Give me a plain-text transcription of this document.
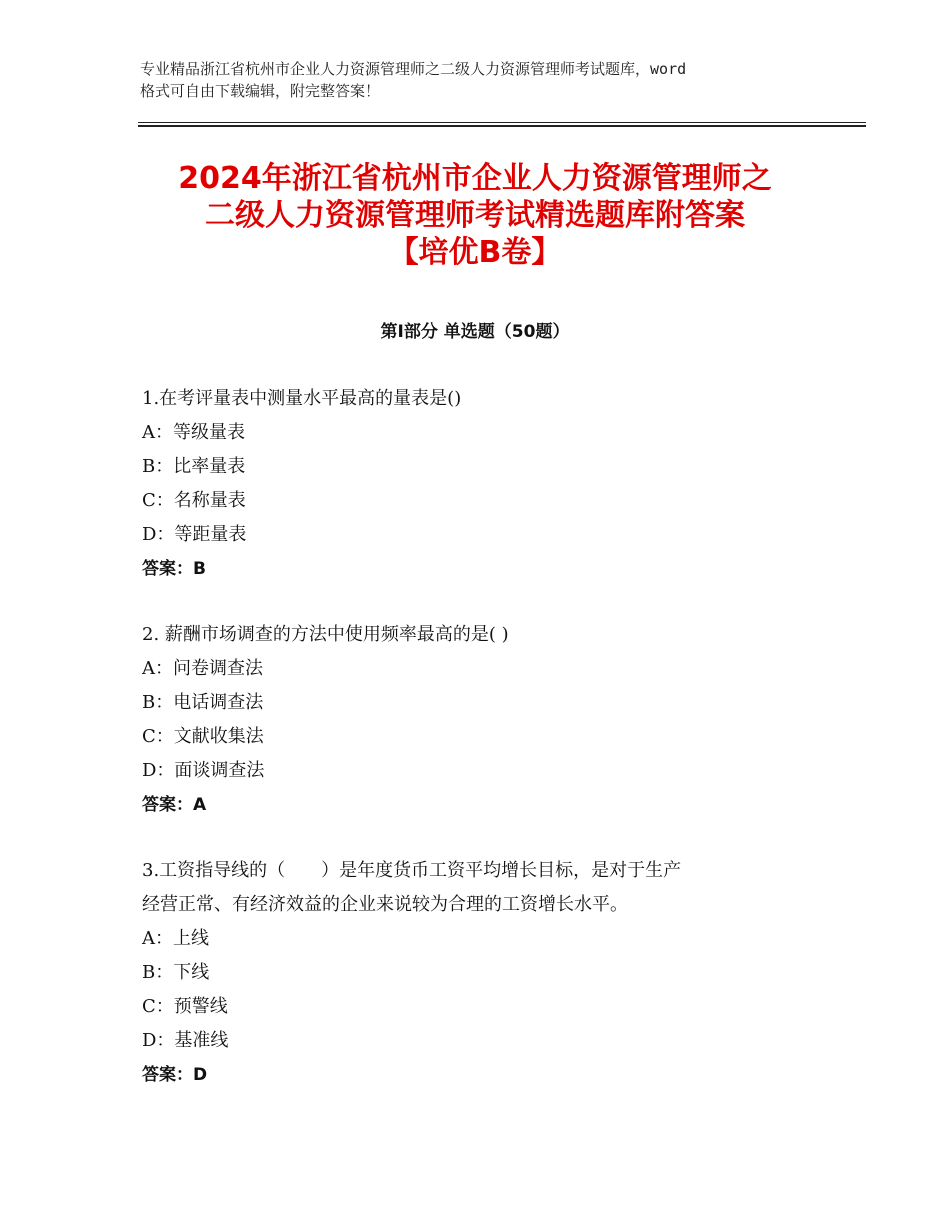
专业精品浙江省杭州市企业人力资源管理师之二级人力资源管理师考试题库，word
格式可自由下载编辑，附完整答案！
2024年浙江省杭州市企业人力资源管理师之
二级人力资源管理师考试精选题库附答案
【培优B卷】
第Ⅰ部分 单选题（50题）
1.在考评量表中测量水平最高的量表是()
A：等级量表
B：比率量表
C：名称量表
D：等距量表
答案：B
2. 薪酬市场调查的方法中使用频率最高的是( )
A：问卷调查法
B：电话调查法
C：文献收集法
D：面谈调查法
答案：A
3.工资指导线的（　　）是年度货币工资平均增长目标，是对于生产
经营正常、有经济效益的企业来说较为合理的工资增长水平。
A：上线
B：下线
C：预警线
D：基准线
答案：D
